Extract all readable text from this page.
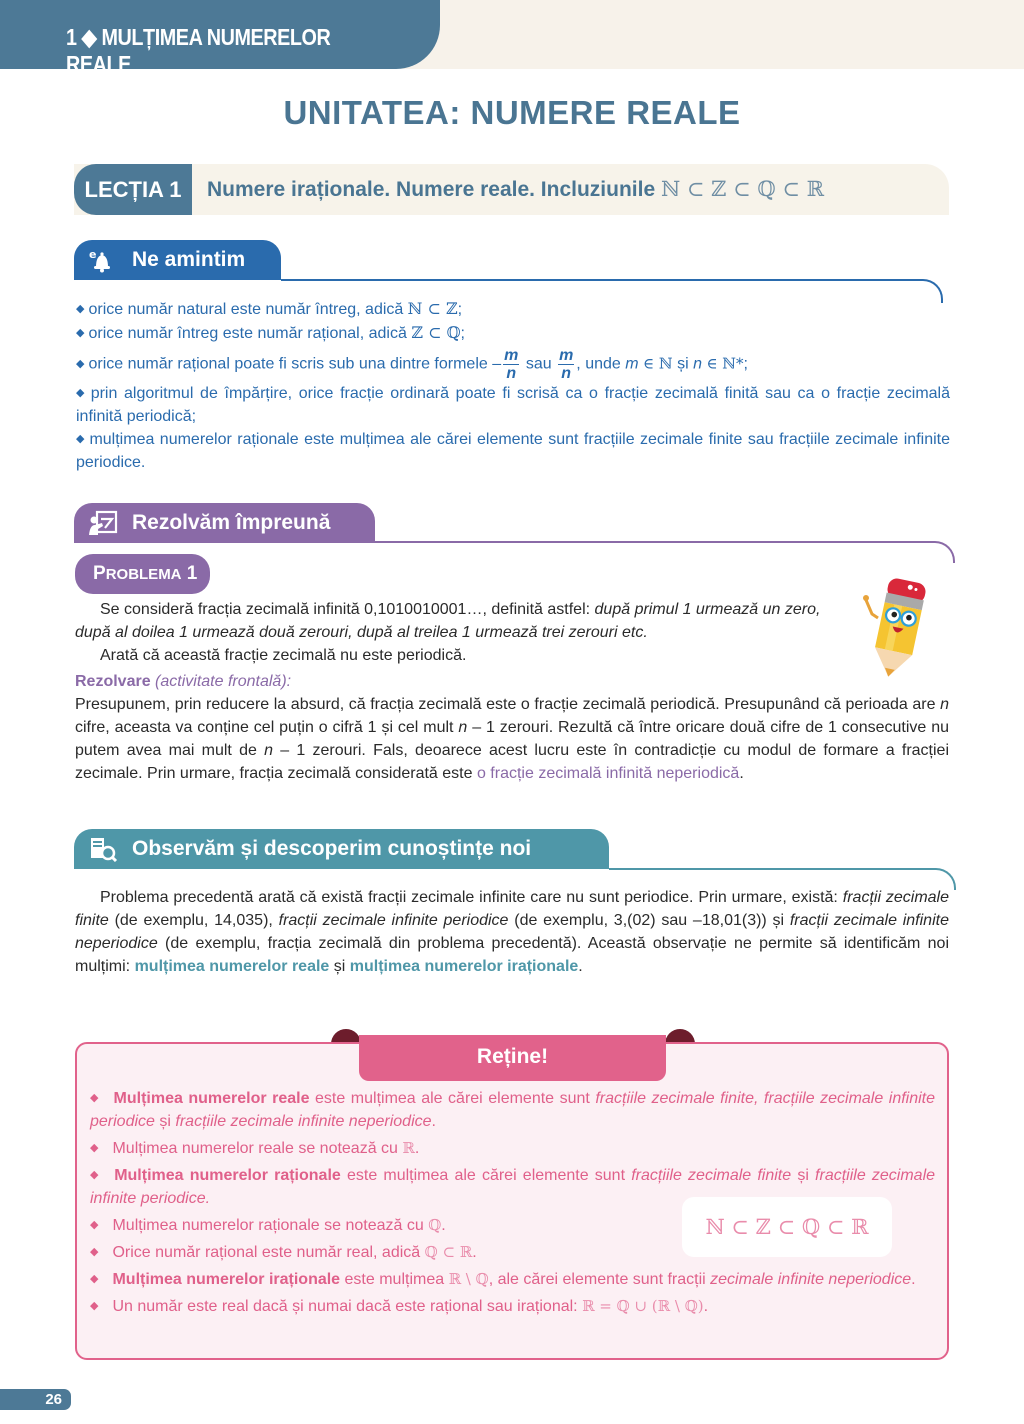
1 ◆ MULȚIMEA NUMERELOR REALE
UNITATEA: NUMERE REALE
LECȚIA 1	Numere iraționale. Numere reale. Incluziunile ℕ ⊂ ℤ ⊂ ℚ ⊂ ℝ
e Ne amintim

◆ orice număr natural este număr întreg, adică ℕ ⊂ ℤ;

◆ orice număr întreg este număr rațional, adică ℤ ⊂ ℚ;

◆ orice număr rațional poate fi scris sub una dintre formele – $\frac{m}{n}$ sau $\frac{m}{n}$ , unde m ∈ ℕ și n ∈ ℕ*;

◆ prin algoritmul de împărțire, orice fracție ordinară poate fi scrisă ca o fracție zecimală finită sau ca o fracție zecimală infinită periodică;

◆ mulțimea numerelor raționale este mulțimea ale cărei elemente sunt fracțiile zecimale finite sau fracțiile zecimale infinite periodice.

Rezolvăm împreună
PROBLEMA 1
Se consideră fracția zecimală infinită 0,1010010001…, definită astfel: după primul 1 urmează un zero, după al doilea 1 urmează două zerouri, după al treilea 1 urmează trei zerouri etc.
Arată că această fracție zecimală nu este periodică.
Rezolvare (activitate frontală):
Presupunem, prin reducere la absurd, că fracția zecimală este o fracție zecimală periodică. Presupunând că perioada are n cifre, aceasta va conține cel puțin o cifră 1 și cel mult n – 1 zerouri. Rezultă că între oricare două cifre de 1 consecutive nu putem avea mai mult de n – 1 zerouri. Fals, deoarece acest lucru este în contradicție cu modul de formare a fracției zecimale. Prin urmare, fracția zecimală considerată este o fracție zecimală infinită neperiodică.
Observăm și descoperim cunoștințe noi
Problema precedentă arată că există fracții zecimale infinite care nu sunt periodice. Prin urmare, există: fracții zecimale finite (de exemplu, 14,035), fracții zecimale infinite periodice (de exemplu, 3,(02) sau –18,01(3)) și fracții zecimale infinite neperiodice (de exemplu, fracția zecimală din problema precedentă). Această observație ne permite să identificăm noi mulțimi: mulțimea numerelor reale și mulțimea numerelor iraționale.
Reține!

◆ Mulțimea numerelor reale este mulțimea ale cărei elemente sunt fracțiile zecimale finite, fracțiile zecimale infinite periodice și fracțiile zecimale infinite neperiodice.

◆ Mulțimea numerelor reale se notează cu ℝ.

◆ Mulțimea numerelor raționale este mulțimea ale cărei elemente sunt fracțiile zecimale finite și fracțiile zecimale infinite periodice.

◆ Mulțimea numerelor raționale se notează cu ℚ.

◆ Orice număr rațional este număr real, adică ℚ ⊂ ℝ.

◆ Mulțimea numerelor iraționale este mulțimea ℝ \ ℚ, ale cărei elemente sunt fracții zecimale infinite neperiodice.

◆ Un număr este real dacă și numai dacă este rațional sau irațional: ℝ = ℚ ∪ (ℝ \ ℚ).

ℕ ⊂ ℤ ⊂ ℚ ⊂ ℝ
26
